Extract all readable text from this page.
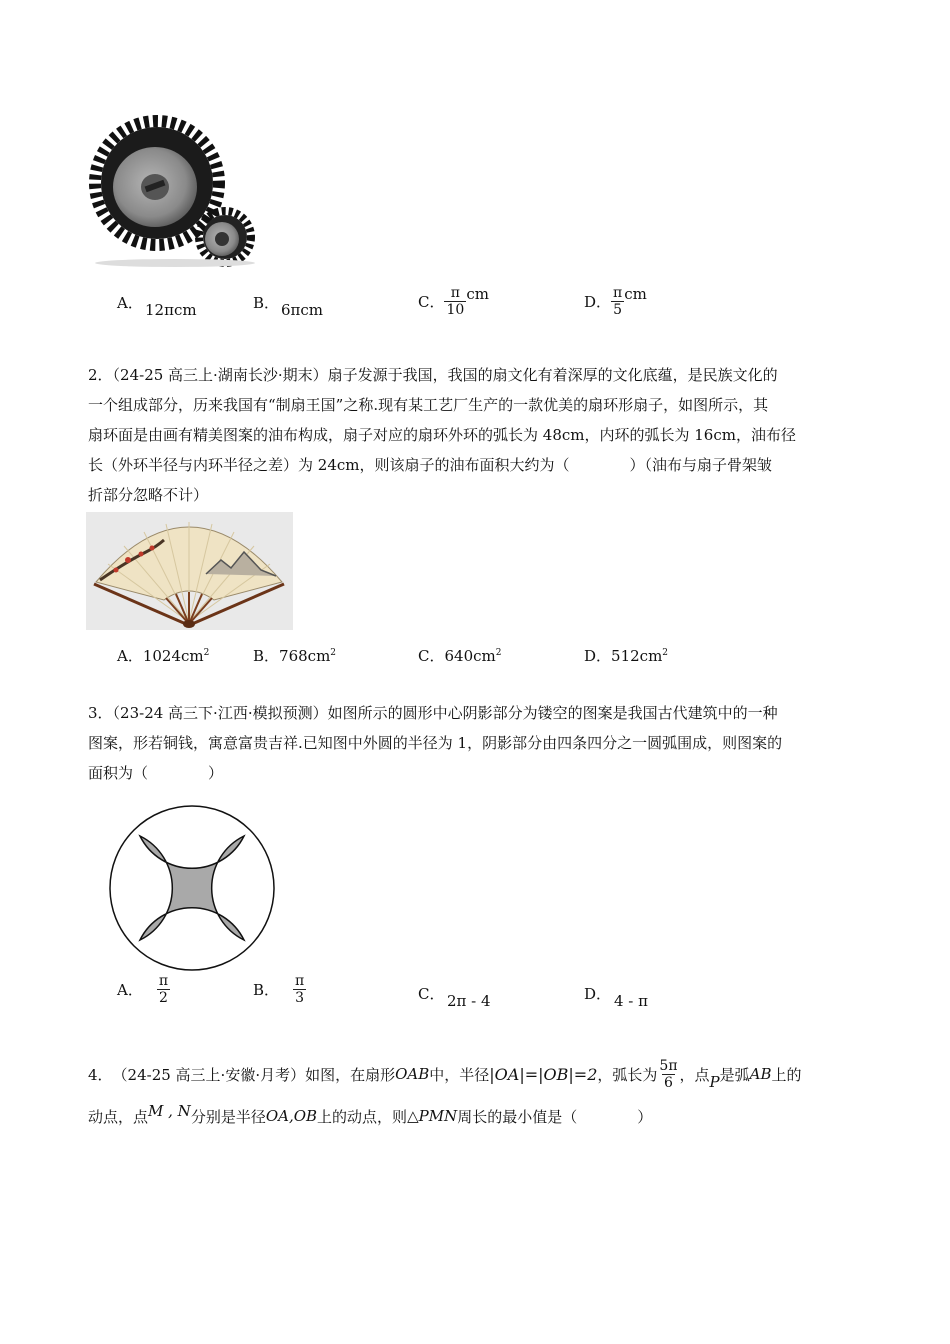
A． 12πcm	B． 6πcm	C． $\frac{\pi}{10}$ cm	D． $\frac{\pi}{5}$ cm
2．（24-25 高三上·湖南长沙·期末）扇子发源于我国，我国的扇文化有着深厚的文化底蕴，是民族文化的
一个组成部分，历来我国有“制扇王国”之称.现有某工艺厂生产的一款优美的扇环形扇子，如图所示，其
扇环面是由画有精美图案的油布构成，扇子对应的扇环外环的弧长为 48cm，内环的弧长为 16cm，油布径
长（外环半径与内环半径之差）为 24cm，则该扇子的油布面积大约为（　　　　）（油布与扇子骨架皱
折部分忽略不计）
A．$1024cm^2$	B．$768cm^2$	C．$640cm^2$	D．$512cm^2$
3．（23-24 高三下·江西·模拟预测）如图所示的圆形中心阴影部分为镂空的图案是我国古代建筑中的一种
图案，形若铜钱，寓意富贵吉祥.已知图中外圆的半径为 1，阴影部分由四条四分之一圆弧围成，则图案的
面积为（　　　　）
A． $\frac{\pi}{2}$	B． $\frac{\pi}{3}$	C． 2π - 4	D． 4 - π
4． （24-25 高三上·安徽·月考）如图，在扇形 OAB 中，半径 |OA|=|OB|=2 ，弧长为 $\frac{5\pi}{6}$ ，点 P 是弧 AB 上的
动点，点 M , N 分别是半径 OA,OB 上的动点，则 △PMN 周长的最小值是（　　　　）
